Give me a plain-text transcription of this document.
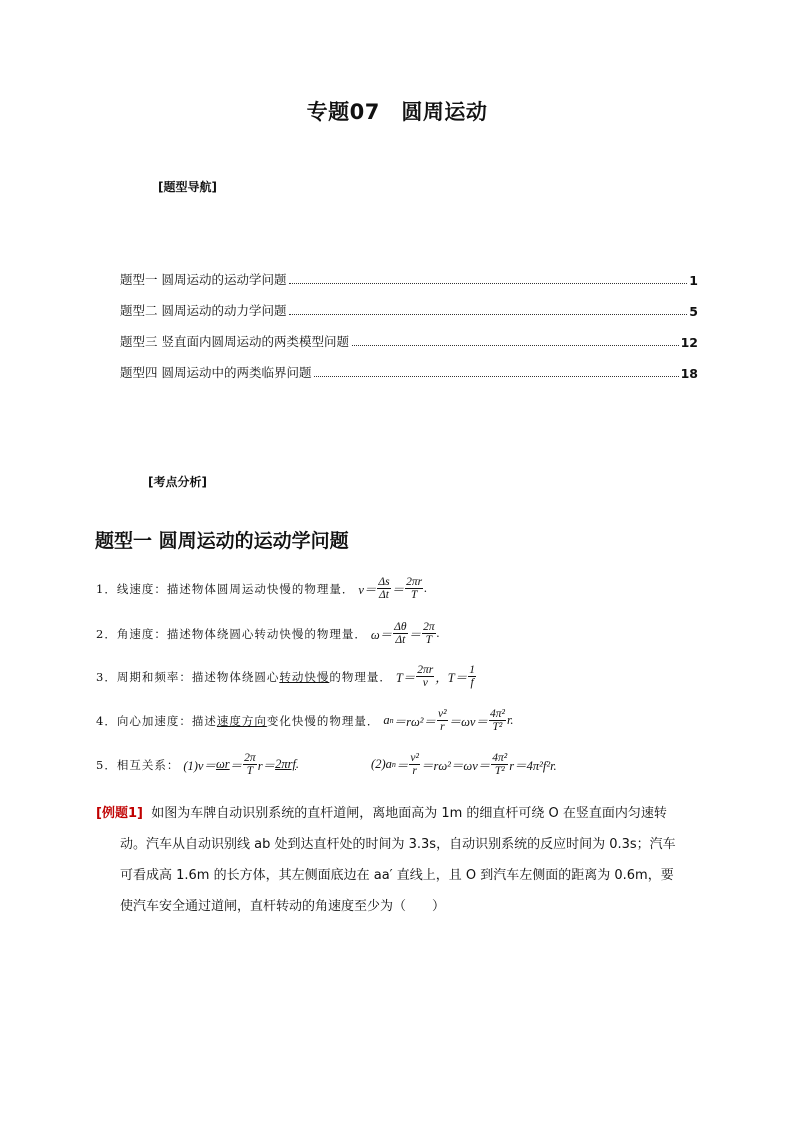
专题07　圆周运动
[题型导航]
题型一 圆周运动的运动学问题	1
题型二 圆周运动的动力学问题	5
题型三 竖直面内圆周运动的两类模型问题	12
题型四 圆周运动中的两类临界问题	18
[考点分析]
题型一 圆周运动的运动学问题
1．线速度：描述物体圆周运动快慢的物理量． $v= \frac{\Delta s}{\Delta t} = \frac{2\pi r}{T}$ .
2．角速度：描述物体绕圆心转动快慢的物理量． $\omega= \frac{\Delta\theta}{\Delta t} = \frac{2\pi}{T}$ .
3．周期和频率：描述物体绕圆心 转动快慢 的物理量． $T= \frac{2\pi r}{v}$ ，$T= \frac{1}{f}$
4．向心加速度：描述 速度方向 变化快慢的物理量． a $n =r\omega^2= \frac{\text{v²}}{r} =\omega v= \frac{\text{4π²}}{\text{T²}} r$.
5．相互关系： $(1)v= \omega r = \frac{2\pi}{T} r= 2\pi rf$ .	(2)a $n = \frac{\text{v²}}{r} =r\omega^2=\omega v= \frac{\text{4π²}}{\text{T²}} r=4\pi^2f^2r$.
[例题1] 如图为车牌自动识别系统的直杆道闸，离地面高为 1m 的细直杆可绕 O 在竖直面内匀速转
动。汽车从自动识别线 ab 处到达直杆处的时间为 3.3s，自动识别系统的反应时间为 0.3s；汽车
可看成高 1.6m 的长方体，其左侧面底边在 aa′ 直线上，且 O 到汽车左侧面的距离为 0.6m，要
使汽车安全通过道闸，直杆转动的角速度至少为（　　）
